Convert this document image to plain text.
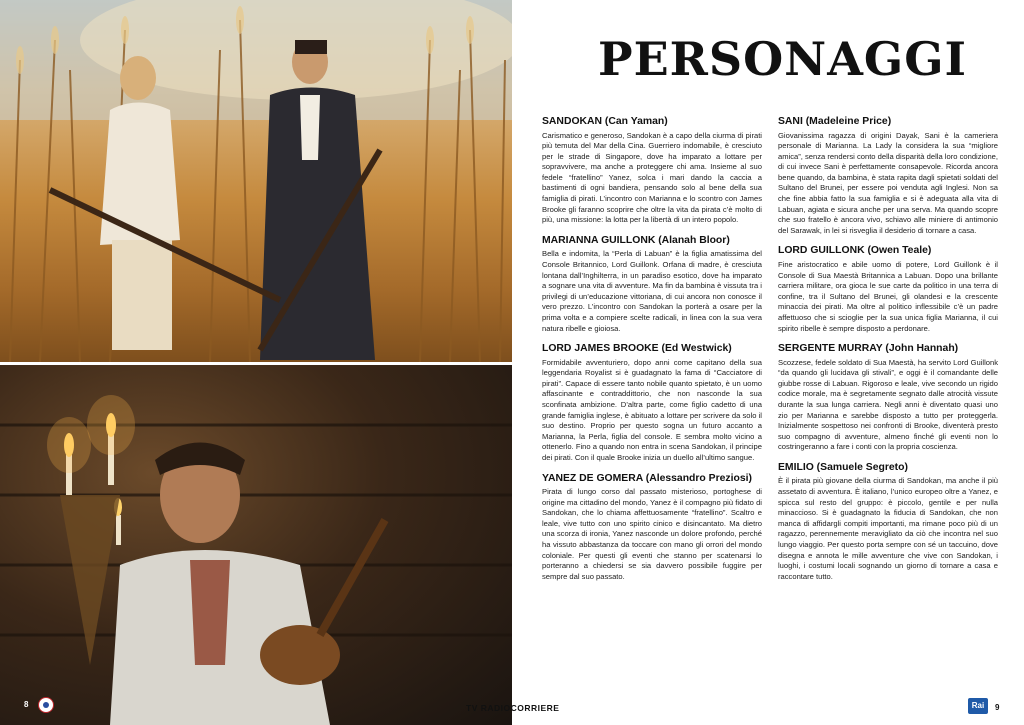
PERSONAGGI
SANDOKAN (Can Yaman)

Carismatico e generoso, Sandokan è a capo della ciurma di pirati più temuta del Mar della Cina. Guerriero indomabile, è cresciuto per le strade di Singapore, dove ha imparato a lottare per sopravvivere, ma anche a proteggere chi ama. Insieme al suo fedele “fratellino” Yanez, solca i mari dando la caccia a bastimenti di ogni bandiera, pensando solo al bene della sua famiglia di pirati. L’incontro con Marianna e lo scontro con James Brooke gli faranno scoprire che oltre la vita da pirata c’è molto di più, una missione: la lotta per la libertà di un intero popolo.

MARIANNA GUILLONK (Alanah Bloor)

Bella e indomita, la “Perla di Labuan” è la figlia amatissima del Console Britannico, Lord Guillonk. Orfana di madre, è cresciuta lontana dall’Inghilterra, in un paradiso esotico, dove ha imparato a sognare una vita di avventure. Ma fin da bambina è vissuta tra i privilegi di un’educazione vittoriana, di cui ancora non conosce il vero prezzo. L’incontro con Sandokan la porterà a osare per la prima volta e a compiere scelte radicali, in linea con la sua vera natura ribelle e gioiosa.

LORD JAMES BROOKE (Ed Westwick)

Formidabile avventuriero, dopo anni come capitano della sua leggendaria Royalist si è guadagnato la fama di “Cacciatore di pirati”. Capace di essere tanto nobile quanto spietato, è un uomo affascinante e contraddittorio, che non nasconde la sua sconfinata ambizione. D’altra parte, come figlio cadetto di una grande famiglia inglese, è abituato a lottare per scrivere da solo il suo destino. Proprio per questo sogna un futuro accanto a Marianna, la Perla, figlia del console. E sembra molto vicino a ottenerlo. Fino a quando non entra in scena Sandokan, il principe dei pirati. Con il quale Brooke inizia un duello all’ultimo sangue.

YANEZ DE GOMERA (Alessandro Preziosi)

Pirata di lungo corso dal passato misterioso, portoghese di origine ma cittadino del mondo, Yanez è il compagno più fidato di Sandokan, che lo chiama affettuosamente “fratellino”. Scaltro e leale, vive tutto con uno spirito cinico e disincantato. Ma dietro una scorza di ironia, Yanez nasconde un dolore profondo, perché ha vissuto abbastanza da toccare con mano gli orrori del mondo coloniale. Per questi gli eventi che stanno per scatenarsi lo porteranno a chiedersi se sia davvero possibile fuggire per sempre dal suo passato.

SANI (Madeleine Price)

Giovanissima ragazza di origini Dayak, Sani è la cameriera personale di Marianna. La Lady la considera la sua “migliore amica”, senza rendersi conto della disparità della loro condizione, di cui invece Sani è perfettamente consapevole. Ricorda ancora bene quando, da bambina, è stata rapita dagli spietati soldati del Sultano del Brunei, per essere poi venduta agli Inglesi. Non sa che fine abbia fatto la sua famiglia e si è adeguata alla vita di Labuan, agiata e sicura anche per una serva. Ma quando scopre che suo fratello è ancora vivo, schiavo alle miniere di antimonio del Sarawak, in lei si risveglia il desiderio di tornare a casa.

LORD GUILLONK (Owen Teale)

Fine aristocratico e abile uomo di potere, Lord Guillonk è il Console di Sua Maestà Britannica a Labuan. Dopo una brillante carriera militare, ora gioca le sue carte da politico in una terra di confine, tra il Sultano del Brunei, gli olandesi e la crescente minaccia dei pirati. Ma oltre al politico inflessibile c’è un padre affettuoso che si scioglie per la sua unica figlia Marianna, il cui spirito ribelle è sempre disposto a perdonare.

SERGENTE MURRAY (John Hannah)

Scozzese, fedele soldato di Sua Maestà, ha servito Lord Guillonk “da quando gli lucidava gli stivali”, e oggi è il comandante delle giubbe rosse di Labuan. Rigoroso e leale, vive secondo un rigido codice morale, ma è segretamente segnato dalle atrocità vissute durante la sua lunga carriera. Negli anni è diventato quasi uno zio per Marianna e sarebbe disposto a tutto per proteggerla. Inizialmente sospettoso nei confronti di Brooke, diventerà presto suo compagno di avventure, almeno finché gli eventi non lo costringeranno a fare i conti con la propria coscienza.

EMILIO (Samuele Segreto)

È il pirata più giovane della ciurma di Sandokan, ma anche il più assetato di avventura. È italiano, l’unico europeo oltre a Yanez, e spicca sul resto del gruppo: è piccolo, gentile e per nulla minaccioso. Si è guadagnato la fiducia di Sandokan, che non manca di affidargli compiti importanti, ma rimane poco più di un ragazzo, perennemente meravigliato da ciò che incontra nel suo lungo viaggio. Per questo porta sempre con sé un taccuino, dove disegna e annota le mille avventure che vive con Sandokan, i luoghi, i costumi locali sognando un giorno di tornare a casa e raccontare tutto.

8	TV RADIOCORRIERE	Rai	9
